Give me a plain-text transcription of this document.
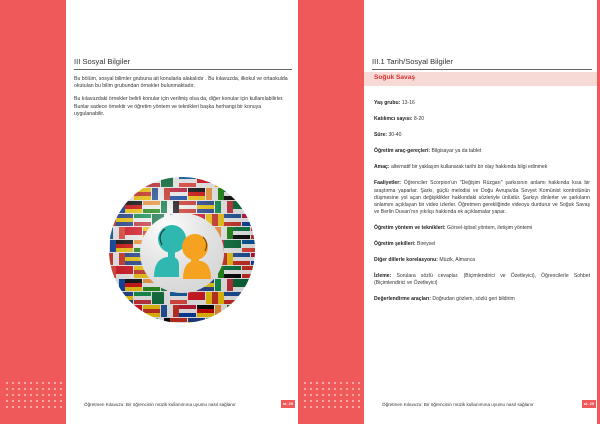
III Sosyal Bilgiler

Bu bölüm, sosyal bilimler grubuna ait konularla alakalıdır . Bu kılavuzda, ilkokul ve ortaokulda okutulan bu bilim grubundan örnekler bulunmaktadır.

Bu kılavuzdaki örnekler belirli konular için verilmiş olsa da, diğer konular için kullanılabilirler. Bunlar sadece örnektir ve öğretim yöntem ve teknikleri başka herhangi bir konuya uygulanabilir.

Öğretmen Kılavuzu: Bir öğrencinin müzik kullanımına uyumu nasıl sağlanır	st. 29
III.1 Tarih/Sosyal Bilgiler
Soğuk Savaş
Yaş grubu: 13-16
Katılımcı sayısı: 8-20
Süre: 30-40
Öğretim araç-gereçleri: Bilgisayar ya da tablet
Amaç: alternatif bir yaklaşım kullanarak tarihi bir olay hakkında bilgi edinmek
Faaliyetler: Öğrenciler Scorpion'un "Değişim Rüzgarı" şarkısının anlamı hakkında kısa bir araştırma yaparlar. Şarkı, güçlü melodisi ve Doğu Avrupa'da Sovyet Komünist kontrolünün düşmesine yol açan değişiklikler hakkındaki sözleriyle ünlüdür. Şarkıyı dinlerler ve şarkıların anlamını açıklayan bir video izlerler. Öğretmen gerekliğinde videoyu durdurur ve Soğuk Savaş ve Berlin Duvarı'nın yıkılışı hakkında ek açıklamalar yapar.
Öğretim yöntem ve teknikleri: Görsel-işitsel yöntem, iletişim yöntemi
Öğretim şekilleri: Bireysel
Diğer dillerle korelasyonu: Müzik, Almanca
İzleme: Sorulara sözlü cevaplar. (Biçimlendirici ve Özetleyici), Öğrencilerle Sohbet (Biçimlendirici ve Özetleyici)
Değerlendirme araçları: Doğrudan gözlem, sözlü geri bildirim
Öğretmen Kılavuzu: Bir öğrencinin müzik kullanımına uyumu nasıl sağlanır	st. 29
